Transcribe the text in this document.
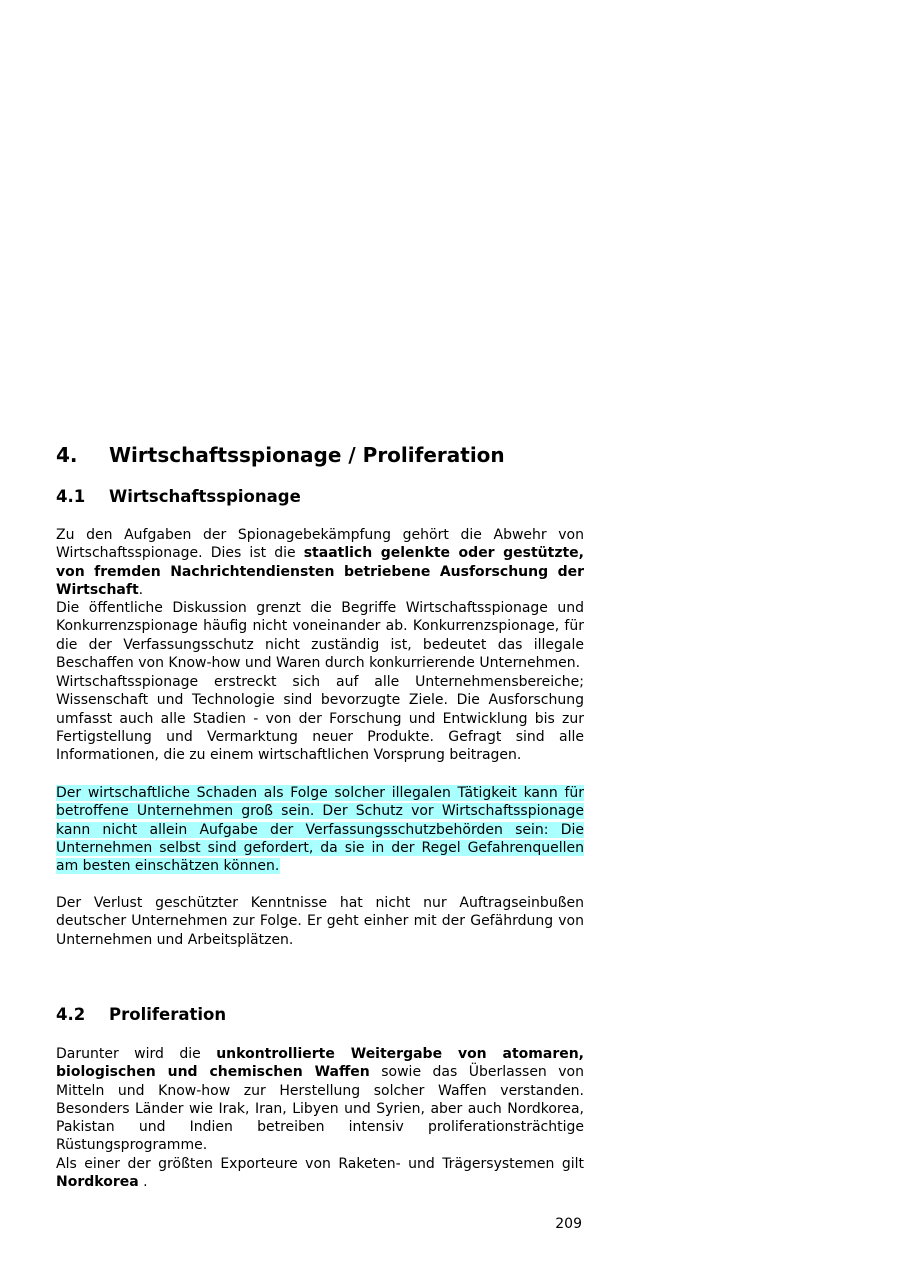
4. Wirtschaftsspionage / Proliferation
4.1 Wirtschaftsspionage
Zu den Aufgaben der Spionagebekämpfung gehört die Abwehr von Wirtschaftsspionage. Dies ist die staatlich gelenkte oder gestützte, von fremden Nachrichtendiensten betriebene Ausforschung der Wirtschaft.
Die öffentliche Diskussion grenzt die Begriffe Wirtschaftsspionage und Konkurrenzspionage häufig nicht voneinander ab. Konkurrenzspionage, für die der Verfassungsschutz nicht zuständig ist, bedeutet das illegale Beschaffen von Know-how und Waren durch konkurrierende Unternehmen.
Wirtschaftsspionage erstreckt sich auf alle Unternehmensbereiche; Wissenschaft und Technologie sind bevorzugte Ziele. Die Ausforschung umfasst auch alle Stadien - von der Forschung und Entwicklung bis zur Fertigstellung und Vermarktung neuer Produkte. Gefragt sind alle Informationen, die zu einem wirtschaftlichen Vorsprung beitragen.
Der wirtschaftliche Schaden als Folge solcher illegalen Tätigkeit kann für betroffene Unternehmen groß sein. Der Schutz vor Wirtschaftsspionage kann nicht allein Aufgabe der Verfassungsschutzbehörden sein: Die Unternehmen selbst sind gefordert, da sie in der Regel Gefahrenquellen am besten einschätzen können.
Der Verlust geschützter Kenntnisse hat nicht nur Auftragseinbußen deutscher Unternehmen zur Folge. Er geht einher mit der Gefährdung von Unternehmen und Arbeitsplätzen.
4.2 Proliferation
Darunter wird die unkontrollierte Weitergabe von atomaren, biologischen und chemischen Waffen sowie das Überlassen von Mitteln und Know-how zur Herstellung solcher Waffen verstanden. Besonders Länder wie Irak, Iran, Libyen und Syrien, aber auch Nordkorea, Pakistan und Indien betreiben intensiv proliferationsträchtige Rüstungsprogramme.
Als einer der größten Exporteure von Raketen- und Trägersystemen gilt Nordkorea .
209
